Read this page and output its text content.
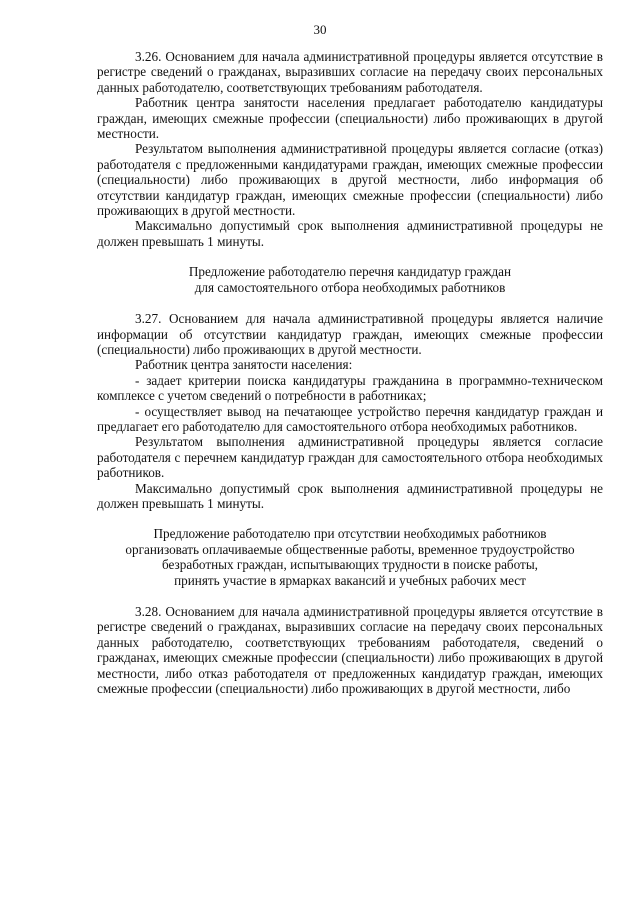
30

3.26. Основанием для начала административной процедуры является отсутствие в регистре сведений о гражданах, выразивших согласие на передачу своих персональных данных работодателю, соответствующих требованиям работодателя.

Работник центра занятости населения предлагает работодателю кандидатуры граждан, имеющих смежные профессии (специальности) либо проживающих в другой местности.

Результатом выполнения административной процедуры является согласие (отказ) работодателя с предложенными кандидатурами граждан, имеющих смежные профессии (специальности) либо проживающих в другой местности, либо информация об отсутствии кандидатур граждан, имеющих смежные профессии (специальности) либо проживающих в другой местности.

Максимально допустимый срок выполнения административной процедуры не должен превышать 1 минуты.

Предложение работодателю перечня кандидатур граждан

для самостоятельного отбора необходимых работников

3.27. Основанием для начала административной процедуры является наличие информации об отсутствии кандидатур граждан, имеющих смежные профессии (специальности) либо проживающих в другой местности.

Работник центра занятости населения:

- задает критерии поиска кандидатуры гражданина в программно-техническом комплексе с учетом сведений о потребности в работниках;

- осуществляет вывод на печатающее устройство перечня кандидатур граждан и предлагает его работодателю для самостоятельного отбора необходимых работников.

Результатом выполнения административной процедуры является согласие работодателя с перечнем кандидатур граждан для самостоятельного отбора необходимых работников.

Максимально допустимый срок выполнения административной процедуры не должен превышать 1 минуты.

Предложение работодателю при отсутствии необходимых работников

организовать оплачиваемые общественные работы, временное трудоустройство

безработных граждан, испытывающих трудности в поиске работы,

принять участие в ярмарках вакансий и учебных рабочих мест

3.28. Основанием для начала административной процедуры является отсутствие в регистре сведений о гражданах, выразивших согласие на передачу своих персональных данных работодателю, соответствующих требованиям работодателя, сведений о гражданах, имеющих смежные профессии (специальности) либо проживающих в другой местности, либо отказ работодателя от предложенных кандидатур граждан, имеющих смежные профессии (специальности) либо проживающих в другой местности, либо
